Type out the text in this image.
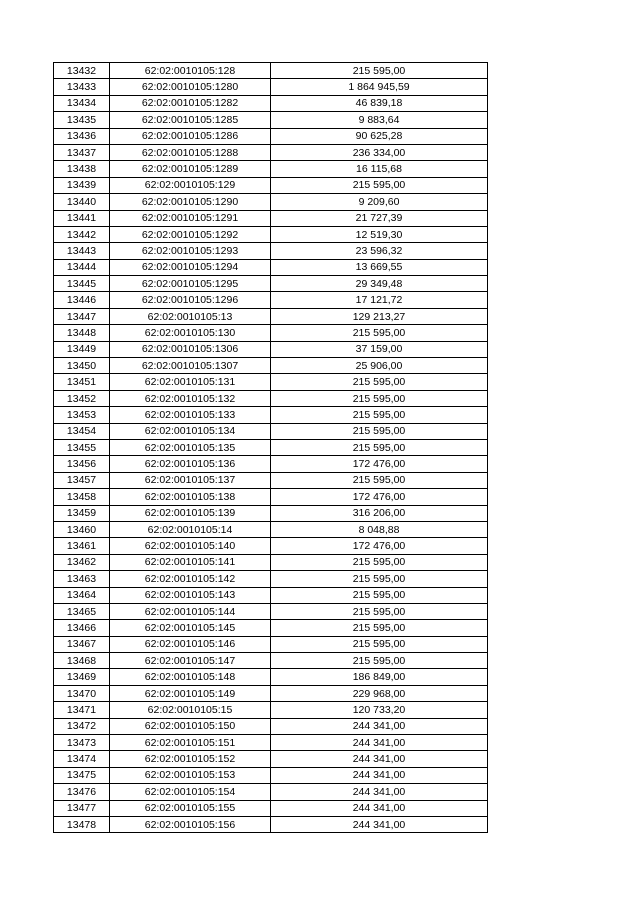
13432	62:02:0010105:128	215 595,00
13433	62:02:0010105:1280	1 864 945,59
13434	62:02:0010105:1282	46 839,18
13435	62:02:0010105:1285	9 883,64
13436	62:02:0010105:1286	90 625,28
13437	62:02:0010105:1288	236 334,00
13438	62:02:0010105:1289	16 115,68
13439	62:02:0010105:129	215 595,00
13440	62:02:0010105:1290	9 209,60
13441	62:02:0010105:1291	21 727,39
13442	62:02:0010105:1292	12 519,30
13443	62:02:0010105:1293	23 596,32
13444	62:02:0010105:1294	13 669,55
13445	62:02:0010105:1295	29 349,48
13446	62:02:0010105:1296	17 121,72
13447	62:02:0010105:13	129 213,27
13448	62:02:0010105:130	215 595,00
13449	62:02:0010105:1306	37 159,00
13450	62:02:0010105:1307	25 906,00
13451	62:02:0010105:131	215 595,00
13452	62:02:0010105:132	215 595,00
13453	62:02:0010105:133	215 595,00
13454	62:02:0010105:134	215 595,00
13455	62:02:0010105:135	215 595,00
13456	62:02:0010105:136	172 476,00
13457	62:02:0010105:137	215 595,00
13458	62:02:0010105:138	172 476,00
13459	62:02:0010105:139	316 206,00
13460	62:02:0010105:14	8 048,88
13461	62:02:0010105:140	172 476,00
13462	62:02:0010105:141	215 595,00
13463	62:02:0010105:142	215 595,00
13464	62:02:0010105:143	215 595,00
13465	62:02:0010105:144	215 595,00
13466	62:02:0010105:145	215 595,00
13467	62:02:0010105:146	215 595,00
13468	62:02:0010105:147	215 595,00
13469	62:02:0010105:148	186 849,00
13470	62:02:0010105:149	229 968,00
13471	62:02:0010105:15	120 733,20
13472	62:02:0010105:150	244 341,00
13473	62:02:0010105:151	244 341,00
13474	62:02:0010105:152	244 341,00
13475	62:02:0010105:153	244 341,00
13476	62:02:0010105:154	244 341,00
13477	62:02:0010105:155	244 341,00
13478	62:02:0010105:156	244 341,00
